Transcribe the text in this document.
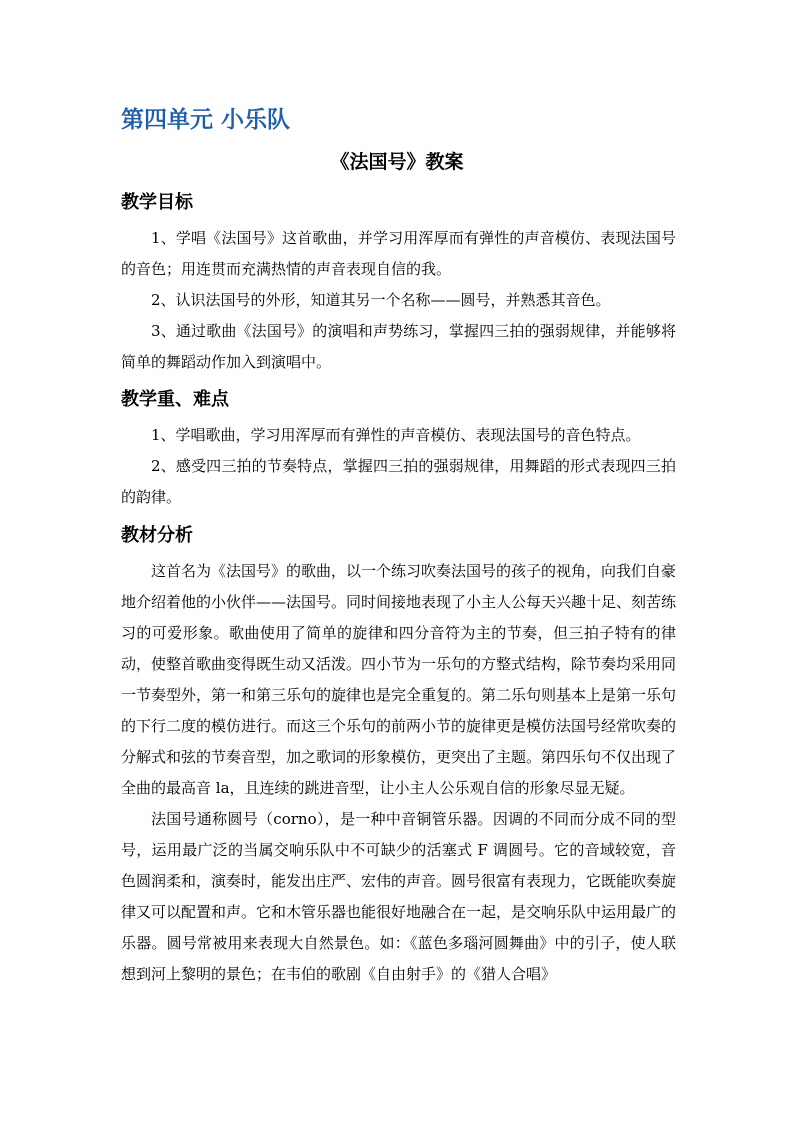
第四单元 小乐队
《法国号》教案
教学目标

1、学唱《法国号》这首歌曲，并学习用浑厚而有弹性的声音模仿、表现法国号的音色；用连贯而充满热情的声音表现自信的我。

2、认识法国号的外形，知道其另一个名称——圆号，并熟悉其音色。

3、通过歌曲《法国号》的演唱和声势练习，掌握四三拍的强弱规律，并能够将简单的舞蹈动作加入到演唱中。

教学重、难点

1、学唱歌曲，学习用浑厚而有弹性的声音模仿、表现法国号的音色特点。

2、感受四三拍的节奏特点，掌握四三拍的强弱规律，用舞蹈的形式表现四三拍的韵律。

教材分析

这首名为《法国号》的歌曲，以一个练习吹奏法国号的孩子的视角，向我们自豪地介绍着他的小伙伴——法国号。同时间接地表现了小主人公每天兴趣十足、刻苦练习的可爱形象。歌曲使用了简单的旋律和四分音符为主的节奏，但三拍子特有的律动，使整首歌曲变得既生动又活泼。四小节为一乐句的方整式结构，除节奏均采用同一节奏型外，第一和第三乐句的旋律也是完全重复的。第二乐句则基本上是第一乐句的下行二度的模仿进行。而这三个乐句的前两小节的旋律更是模仿法国号经常吹奏的分解式和弦的节奏音型，加之歌词的形象模仿，更突出了主题。第四乐句不仅出现了全曲的最高音 la，且连续的跳进音型，让小主人公乐观自信的形象尽显无疑。

法国号通称圆号（corno），是一种中音铜管乐器。因调的不同而分成不同的型号，运用最广泛的当属交响乐队中不可缺少的活塞式 F 调圆号。它的音域较宽，音色圆润柔和，演奏时，能发出庄严、宏伟的声音。圆号很富有表现力，它既能吹奏旋律又可以配置和声。它和木管乐器也能很好地融合在一起，是交响乐队中运用最广的乐器。圆号常被用来表现大自然景色。如：《蓝色多瑙河圆舞曲》中的引子，使人联想到河上黎明的景色；在韦伯的歌剧《自由射手》的《猎人合唱》
